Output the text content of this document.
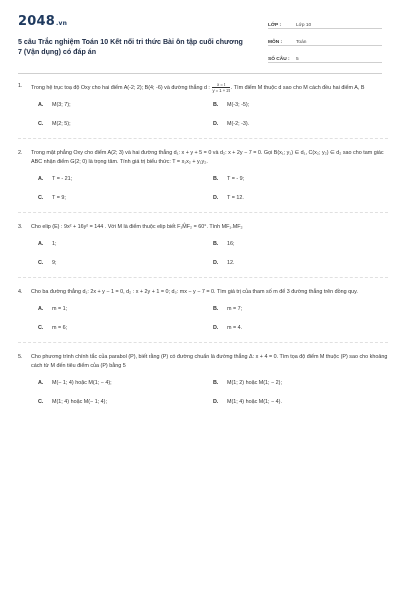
2048.vn
5 câu Trắc nghiệm Toán 10 Kết nối tri thức Bài ôn tập cuối chương 7 (Vận dụng) có đáp án
LỚP :	Lớp 10
MÔN :	Toán
SỐ CÂU :	5
1.	Trong hệ trục toạ độ Oxy cho hai điểm A(-2; 2); B(4; -6) và đường thẳng d : $\frac{x = t}{y = 1 + 2t}$ . Tìm điểm M thuộc d sao cho M cách đều hai điểm A, B
A.	M(3; 7);	B.	M(-3; -5);
C.	M(2; 5);	D.	M(-2; -3).
2.	Trong mặt phẳng Oxy cho điểm A(2; 3) và hai đường thẳng d₁: x + y + 5 = 0 và d₂: x + 2y − 7 = 0. Gọi B(x₁; y₁) ∈ d₁, C(x₂; y₂) ∈ d₂ sao cho tam giác ABC nhận điểm G(2; 0) là trọng tâm. Tính giá trị biểu thức: T = x₁x₂ + y₁y₂.
A.	T = - 21;	B.	T = - 9;
C.	T = 9;	D.	T = 12.
3.	Cho elip (E) : 9x² + 16y² = 144 . Với M là điểm thuộc elip biết F₁M̂F₂ = 60°. Tính MF₁.MF₂
A.	1;	B.	16;
C.	9;	D.	12.
4.	Cho ba đường thẳng d₁: 2x + y − 1 = 0, d₂ : x + 2y + 1 = 0; d₃: mx − y − 7 = 0. Tìm giá trị của tham số m để 3 đường thẳng trên đồng quy.
A.	m = 1;	B.	m = 7;
C.	m = 6;	D.	m = 4.
5.	Cho phương trình chính tắc của parabol (P), biết rằng (P) có đường chuẩn là đường thẳng Δ: x + 4 = 0. Tìm tọa độ điểm M thuộc (P) sao cho khoảng cách từ M đến tiêu điểm của (P) bằng 5
A.	M(− 1; 4) hoặc M(1; − 4);	B.	M(1; 2) hoặc M(1; − 2);
C.	M(1; 4) hoặc M(− 1; 4);	D.	M(1; 4) hoặc M(1; − 4).
